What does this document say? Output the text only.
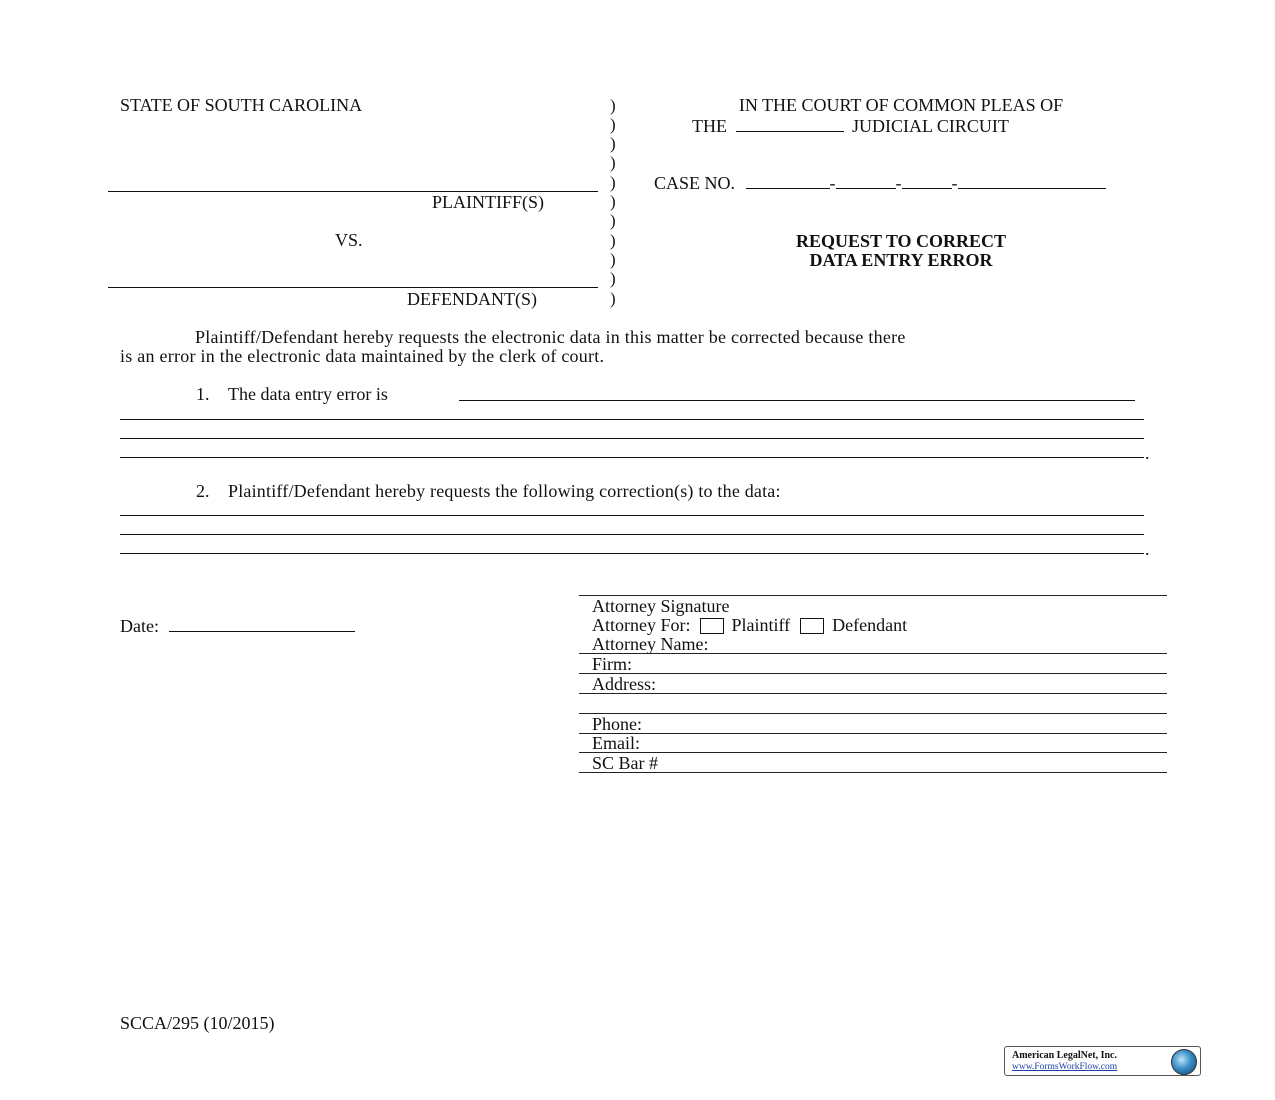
STATE OF SOUTH CAROLINA
PLAINTIFF(S)
VS.
DEFENDANT(S)
)
)
)
)
)
)
)
)
)
)
)
IN THE COURT OF COMMON PLEAS OF
THE	JUDICIAL CIRCUIT
CASE NO.	-	-	-
REQUEST TO CORRECT
DATA ENTRY ERROR
Plaintiff/Defendant hereby requests the electronic data in this matter be corrected because there
is an error in the electronic data maintained by the clerk of court.
1. The data entry error is
.
2. Plaintiff/Defendant hereby requests the following correction(s) to the data:
.
Date:
Attorney Signature
Attorney For: Plaintiff Defendant
Attorney Name:
Firm:
Address:
Phone:
Email:
SC Bar #
SCCA/295 (10/2015)
American LegalNet, Inc.
www.FormsWorkFlow.com
